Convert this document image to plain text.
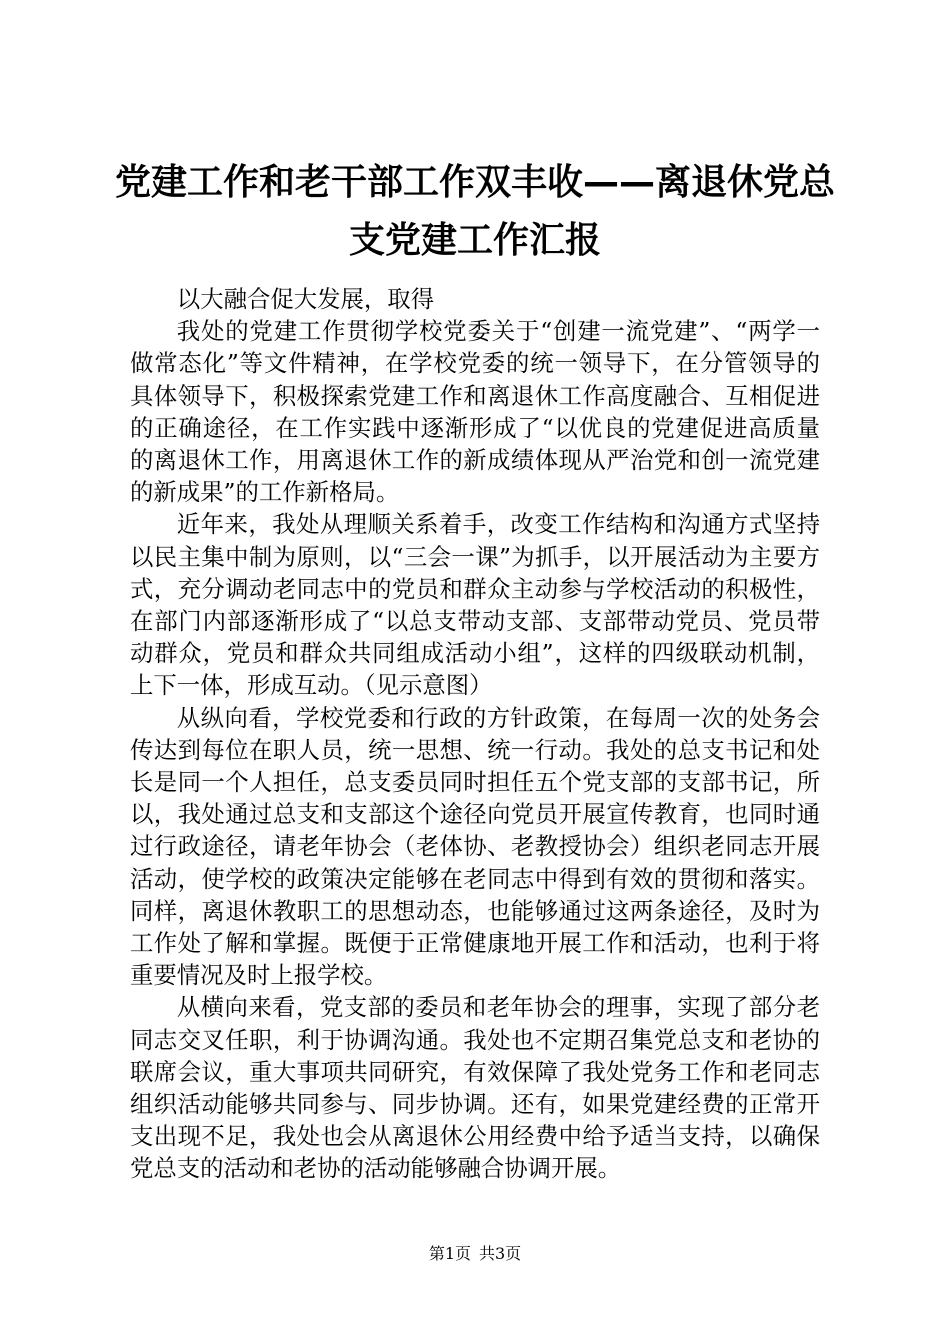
党建工作和老干部工作双丰收——离退休党总
支党建工作汇报

以大融合促大发展，取得

我处的党建工作贯彻学校党委关于“创建一流党建”、“两学一做常态化”等文件精神，在学校党委的统一领导下，在分管领导的具体领导下，积极探索党建工作和离退休工作高度融合、互相促进的正确途径，在工作实践中逐渐形成了“以优良的党建促进高质量的离退休工作，用离退休工作的新成绩体现从严治党和创一流党建的新成果”的工作新格局。

近年来，我处从理顺关系着手，改变工作结构和沟通方式坚持以民主集中制为原则，以“三会一课”为抓手，以开展活动为主要方式，充分调动老同志中的党员和群众主动参与学校活动的积极性，在部门内部逐渐形成了“以总支带动支部、支部带动党员、党员带动群众，党员和群众共同组成活动小组”，这样的四级联动机制，上下一体，形成互动。（见示意图）

从纵向看，学校党委和行政的方针政策，在每周一次的处务会传达到每位在职人员，统一思想、统一行动。我处的总支书记和处长是同一个人担任，总支委员同时担任五个党支部的支部书记，所以，我处通过总支和支部这个途径向党员开展宣传教育，也同时通过行政途径，请老年协会（老体协、老教授协会）组织老同志开展活动，使学校的政策决定能够在老同志中得到有效的贯彻和落实。同样，离退休教职工的思想动态，也能够通过这两条途径，及时为工作处了解和掌握。既便于正常健康地开展工作和活动，也利于将重要情况及时上报学校。

从横向来看，党支部的委员和老年协会的理事，实现了部分老同志交叉任职，利于协调沟通。我处也不定期召集党总支和老协的联席会议，重大事项共同研究，有效保障了我处党务工作和老同志组织活动能够共同参与、同步协调。还有，如果党建经费的正常开支出现不足，我处也会从离退休公用经费中给予适当支持，以确保党总支的活动和老协的活动能够融合协调开展。

第1页 共3页
